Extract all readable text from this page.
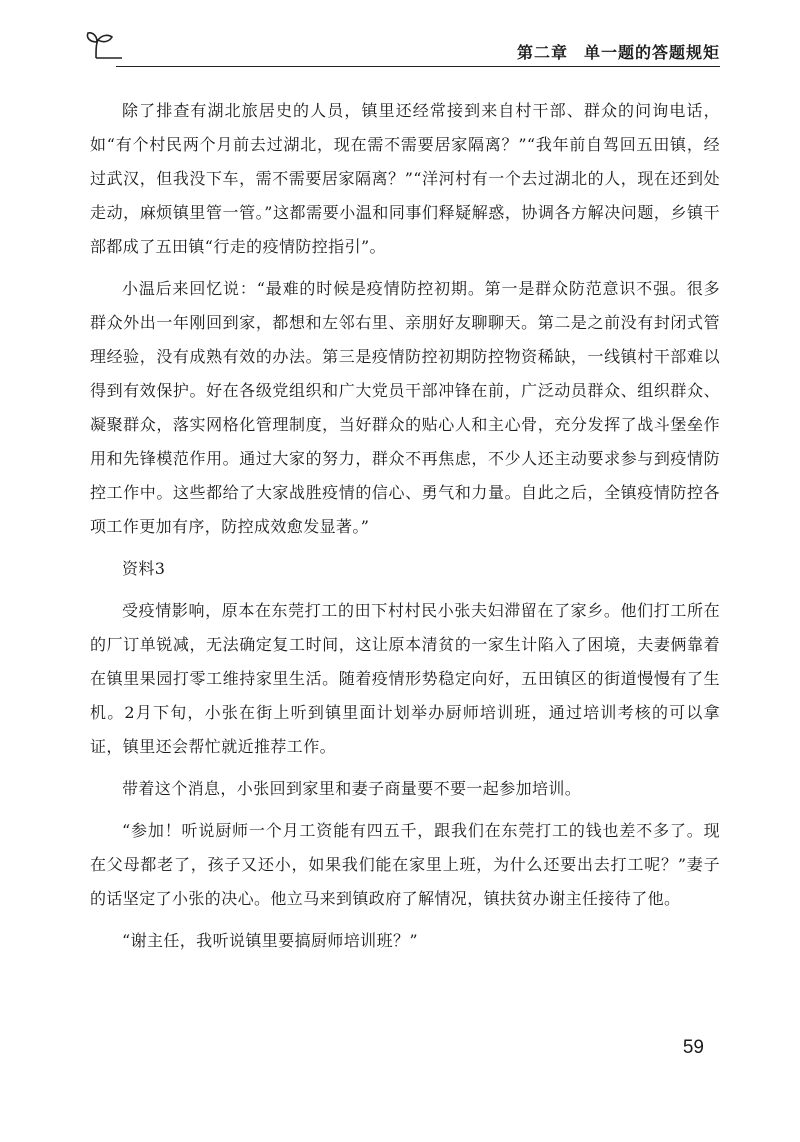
第二章 单一题的答题规矩

除了排查有湖北旅居史的人员，镇里还经常接到来自村干部、群众的问询电话，如“有个村民两个月前去过湖北，现在需不需要居家隔离？”“我年前自驾回五田镇，经过武汉，但我没下车，需不需要居家隔离？”“洋河村有一个去过湖北的人，现在还到处走动，麻烦镇里管一管。”这都需要小温和同事们释疑解惑，协调各方解决问题，乡镇干部都成了五田镇“行走的疫情防控指引”。

小温后来回忆说：“最难的时候是疫情防控初期。第一是群众防范意识不强。很多群众外出一年刚回到家，都想和左邻右里、亲朋好友聊聊天。第二是之前没有封闭式管理经验，没有成熟有效的办法。第三是疫情防控初期防控物资稀缺，一线镇村干部难以得到有效保护。好在各级党组织和广大党员干部冲锋在前，广泛动员群众、组织群众、凝聚群众，落实网格化管理制度，当好群众的贴心人和主心骨，充分发挥了战斗堡垒作用和先锋模范作用。通过大家的努力，群众不再焦虑，不少人还主动要求参与到疫情防控工作中。这些都给了大家战胜疫情的信心、勇气和力量。自此之后，全镇疫情防控各项工作更加有序，防控成效愈发显著。”

资料3

受疫情影响，原本在东莞打工的田下村村民小张夫妇滞留在了家乡。他们打工所在的厂订单锐减，无法确定复工时间，这让原本清贫的一家生计陷入了困境，夫妻俩靠着在镇里果园打零工维持家里生活。随着疫情形势稳定向好，五田镇区的街道慢慢有了生机。2月下旬，小张在街上听到镇里面计划举办厨师培训班，通过培训考核的可以拿证，镇里还会帮忙就近推荐工作。

带着这个消息，小张回到家里和妻子商量要不要一起参加培训。

“参加！听说厨师一个月工资能有四五千，跟我们在东莞打工的钱也差不多了。现在父母都老了，孩子又还小，如果我们能在家里上班，为什么还要出去打工呢？”妻子的话坚定了小张的决心。他立马来到镇政府了解情况，镇扶贫办谢主任接待了他。

“谢主任，我听说镇里要搞厨师培训班？”

59
